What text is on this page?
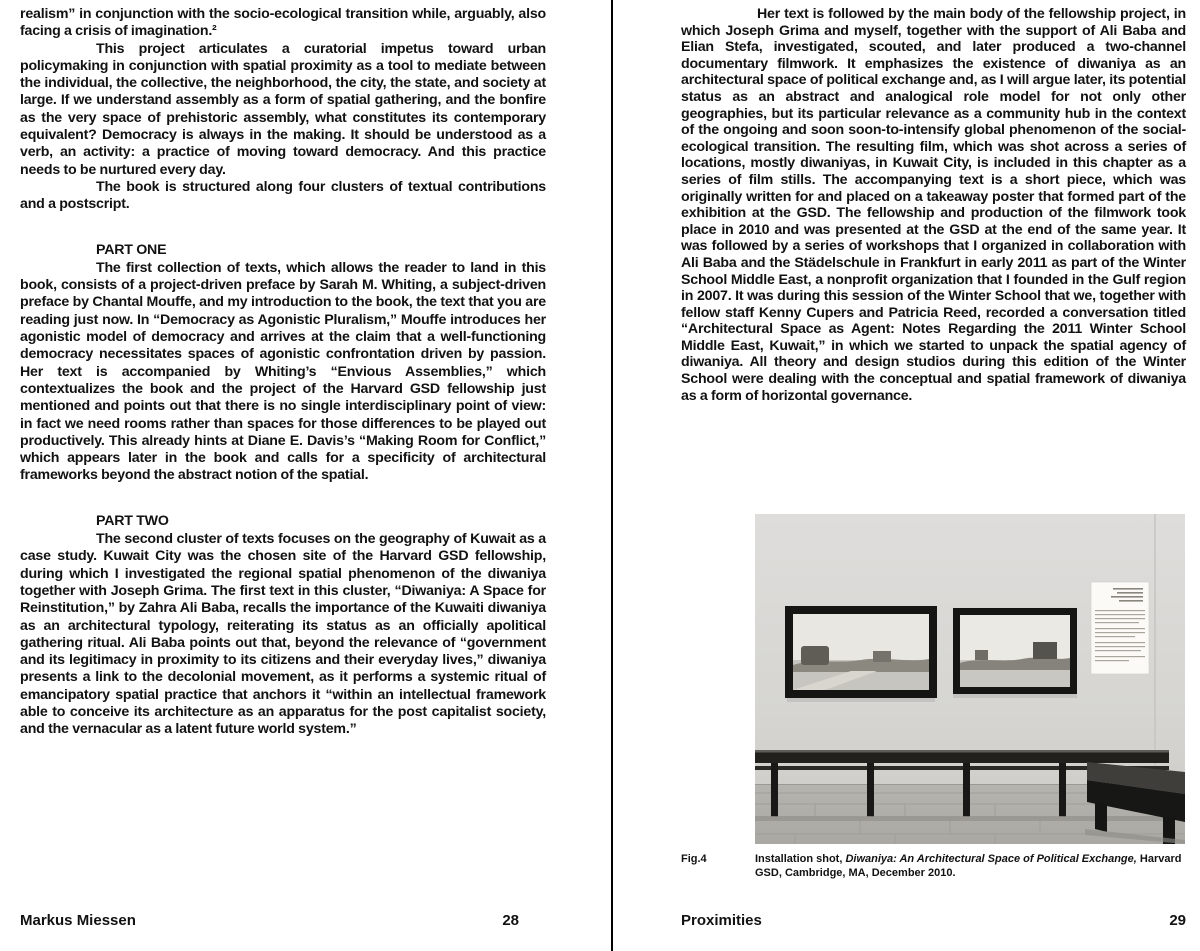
realism” in conjunction with the socio-ecological transition while, arguably, also facing a crisis of imagination.²

This project articulates a curatorial impetus toward urban policymaking in conjunction with spatial proximity as a tool to mediate between the individual, the collective, the neighborhood, the city, the state, and society at large. If we understand assembly as a form of spatial gathering, and the bonfire as the very space of prehistoric assembly, what constitutes its contemporary equivalent? Democracy is always in the making. It should be understood as a verb, an activity: a practice of moving toward democracy. And this practice needs to be nurtured every day.

The book is structured along four clusters of textual contributions and a postscript.

PART ONE

The first collection of texts, which allows the reader to land in this book, consists of a project-driven preface by Sarah M. Whiting, a subject-driven preface by Chantal Mouffe, and my introduction to the book, the text that you are reading just now. In “Democracy as Agonistic Pluralism,” Mouffe introduces her agonistic model of democracy and arrives at the claim that a well-functioning democracy necessitates spaces of agonistic confrontation driven by passion. Her text is accompanied by Whiting’s “Envious Assemblies,” which contextualizes the book and the project of the Harvard GSD fellowship just mentioned and points out that there is no single interdisciplinary point of view: in fact we need rooms rather than spaces for those differences to be played out productively. This already hints at Diane E. Davis’s “Making Room for Conflict,” which appears later in the book and calls for a specificity of architectural frameworks beyond the abstract notion of the spatial.

PART TWO

The second cluster of texts focuses on the geography of Kuwait as a case study. Kuwait City was the chosen site of the Harvard GSD fellowship, during which I investigated the regional spatial phenomenon of the diwaniya together with Joseph Grima. The first text in this cluster, “Diwaniya: A Space for Reinstitution,” by Zahra Ali Baba, recalls the importance of the Kuwaiti diwaniya as an architectural typology, reiterating its status as an officially apolitical gathering ritual. Ali Baba points out that, beyond the relevance of “government and its legitimacy in proximity to its citizens and their everyday lives,” diwaniya presents a link to the decolonial movement, as it performs a systemic ritual of emancipatory spatial practice that anchors it “within an intellectual framework able to conceive its architecture as an apparatus for the post capitalist society, and the vernacular as a latent future world system.”

Markus Miessen	28

Her text is followed by the main body of the fellowship project, in which Joseph Grima and myself, together with the support of Ali Baba and Elian Stefa, investigated, scouted, and later produced a two-channel documentary filmwork. It emphasizes the existence of diwaniya as an architectural space of political exchange and, as I will argue later, its potential status as an abstract and analogical role model for not only other geographies, but its particular relevance as a community hub in the context of the ongoing and soon soon-to-intensify global phenomenon of the social-ecological transition. The resulting film, which was shot across a series of locations, mostly diwaniyas, in Kuwait City, is included in this chapter as a series of film stills. The accompanying text is a short piece, which was originally written for and placed on a takeaway poster that formed part of the exhibition at the GSD. The fellowship and production of the filmwork took place in 2010 and was presented at the GSD at the end of the same year. It was followed by a series of workshops that I organized in collaboration with Ali Baba and the Städelschule in Frankfurt in early 2011 as part of the Winter School Middle East, a nonprofit organization that I founded in the Gulf region in 2007. It was during this session of the Winter School that we, together with fellow staff Kenny Cupers and Patricia Reed, recorded a conversation titled “Architectural Space as Agent: Notes Regarding the 2011 Winter School Middle East, Kuwait,” in which we started to unpack the spatial agency of diwaniya. All theory and design studios during this edition of the Winter School were dealing with the conceptual and spatial framework of diwaniya as a form of horizontal governance.

Fig.4	Installation shot, Diwaniya: An Architectural Space of Political Exchange, Harvard GSD, Cambridge, MA, December 2010.
Proximities	29
